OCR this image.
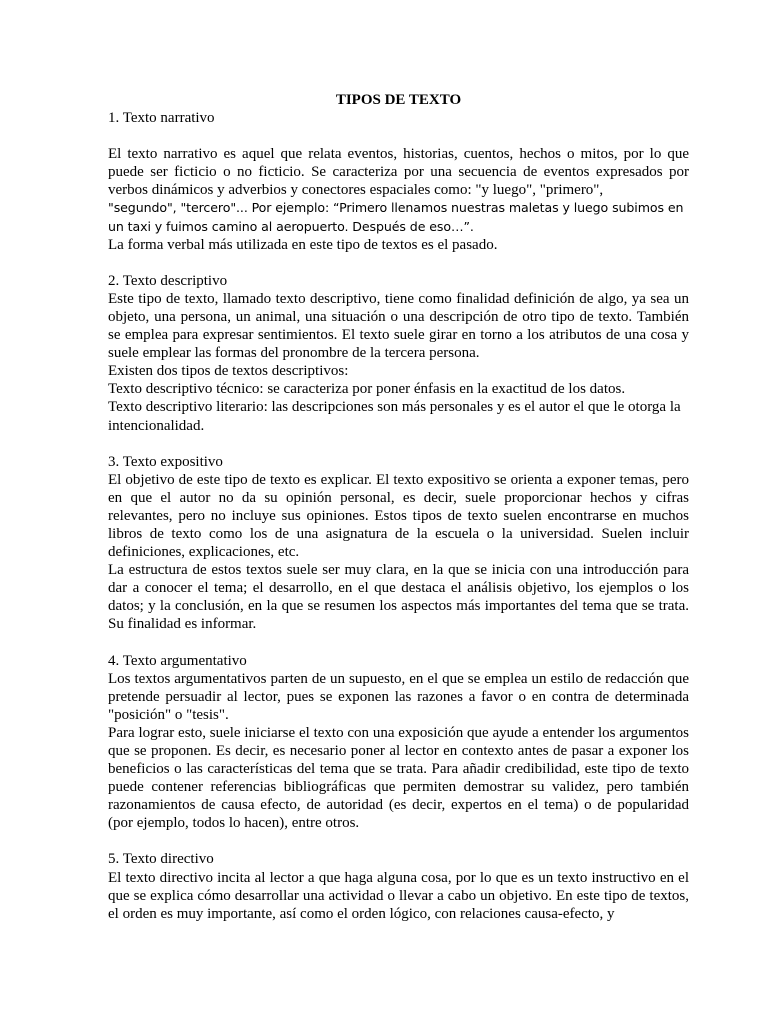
TIPOS DE TEXTO

1. Texto narrativo

El texto narrativo es aquel que relata eventos, historias, cuentos, hechos o mitos, por lo que puede ser ficticio o no ficticio. Se caracteriza por una secuencia de eventos expresados por verbos dinámicos y adverbios y conectores espaciales como: "y luego", "primero",

"segundo", "tercero"... Por ejemplo: “Primero llenamos nuestras maletas y luego subimos en un taxi y fuimos camino al aeropuerto. Después de eso…”.

La forma verbal más utilizada en este tipo de textos es el pasado.

2. Texto descriptivo

Este tipo de texto, llamado texto descriptivo, tiene como finalidad definición de algo, ya sea un objeto, una persona, un animal, una situación o una descripción de otro tipo de texto. También se emplea para expresar sentimientos. El texto suele girar en torno a los atributos de una cosa y suele emplear las formas del pronombre de la tercera persona.

Existen dos tipos de textos descriptivos:

Texto descriptivo técnico: se caracteriza por poner énfasis en la exactitud de los datos.

Texto descriptivo literario: las descripciones son más personales y es el autor el que le otorga la intencionalidad.

3. Texto expositivo

El objetivo de este tipo de texto es explicar. El texto expositivo se orienta a exponer temas, pero en que el autor no da su opinión personal, es decir, suele proporcionar hechos y cifras relevantes, pero no incluye sus opiniones. Estos tipos de texto suelen encontrarse en muchos libros de texto como los de una asignatura de la escuela o la universidad. Suelen incluir definiciones, explicaciones, etc.

La estructura de estos textos suele ser muy clara, en la que se inicia con una introducción para dar a conocer el tema; el desarrollo, en el que destaca el análisis objetivo, los ejemplos o los datos; y la conclusión, en la que se resumen los aspectos más importantes del tema que se trata. Su finalidad es informar.

4. Texto argumentativo

Los textos argumentativos parten de un supuesto, en el que se emplea un estilo de redacción que pretende persuadir al lector, pues se exponen las razones a favor o en contra de determinada "posición" o "tesis".

Para lograr esto, suele iniciarse el texto con una exposición que ayude a entender los argumentos que se proponen. Es decir, es necesario poner al lector en contexto antes de pasar a exponer los beneficios o las características del tema que se trata. Para añadir credibilidad, este tipo de texto puede contener referencias bibliográficas que permiten demostrar su validez, pero también razonamientos de causa efecto, de autoridad (es decir, expertos en el tema) o de popularidad (por ejemplo, todos lo hacen), entre otros.

5. Texto directivo

El texto directivo incita al lector a que haga alguna cosa, por lo que es un texto instructivo en el que se explica cómo desarrollar una actividad o llevar a cabo un objetivo. En este tipo de textos, el orden es muy importante, así como el orden lógico, con relaciones causa-efecto, y
